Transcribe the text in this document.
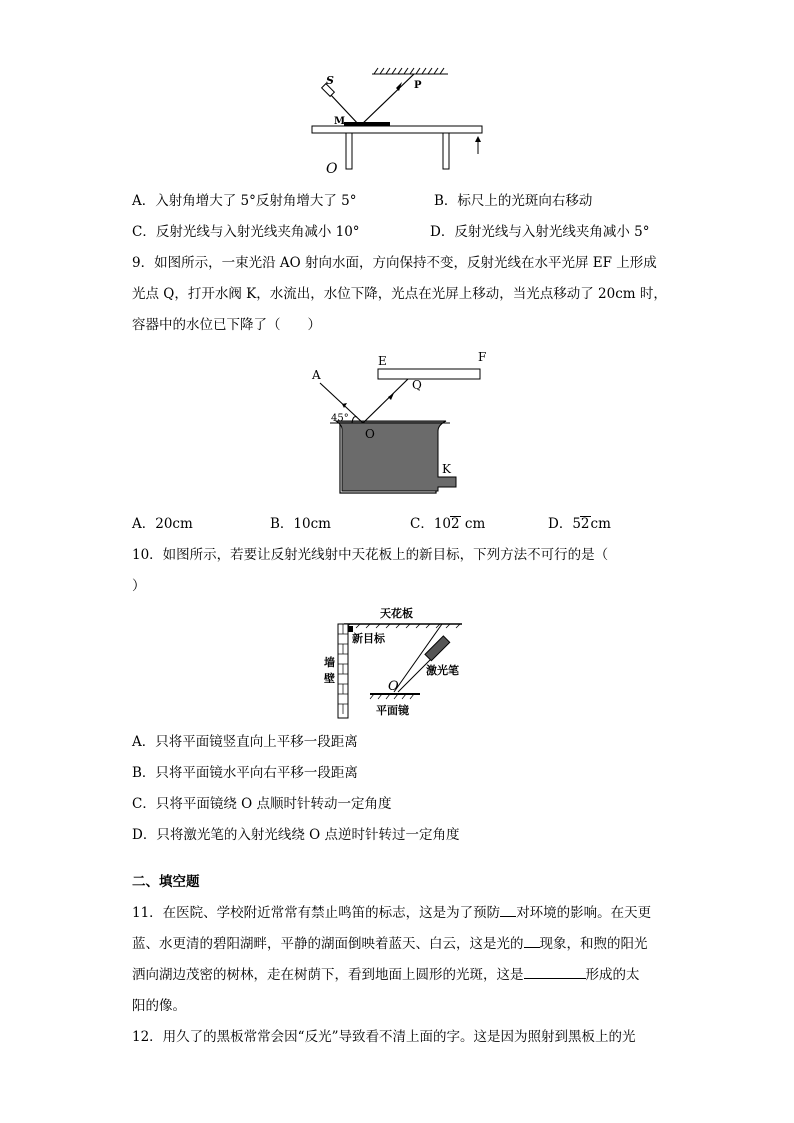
S	P
M
O
A．入射角增大了 5°反射角增大了 5°	B．标尺上的光斑向右移动
C．反射光线与入射光线夹角减小 10°	D．反射光线与入射光线夹角减小 5°
9．如图所示，一束光沿 AO 射向水面，方向保持不变，反射光线在水平光屏 EF 上形成
光点 Q，打开水阀 K，水流出，水位下降，光点在光屏上移动，当光点移动了 20cm 时，
容器中的水位已下降了（　　）
A
E	F
Q
45°
O
K
A．20cm	B．10cm	C．102 cm	D．52cm
10．如图所示，若要让反射光线射中天花板上的新目标，下列方法不可行的是（
）
天花板
新目标
墙
壁
激光笔
O
平面镜
A．只将平面镜竖直向上平移一段距离
B．只将平面镜水平向右平移一段距离
C．只将平面镜绕 O 点顺时针转动一定角度
D．只将激光笔的入射光线绕 O 点逆时针转过一定角度
二、填空题
11．在医院、学校附近常常有禁止鸣笛的标志，这是为了预防 对环境的影响。在天更
蓝、水更清的碧阳湖畔，平静的湖面倒映着蓝天、白云，这是光的 现象，和煦的阳光
洒向湖边茂密的树林，走在树荫下，看到地面上圆形的光斑，这是	形成的太
阳的像。
12．用久了的黑板常常会因“反光”导致看不清上面的字。这是因为照射到黑板上的光
